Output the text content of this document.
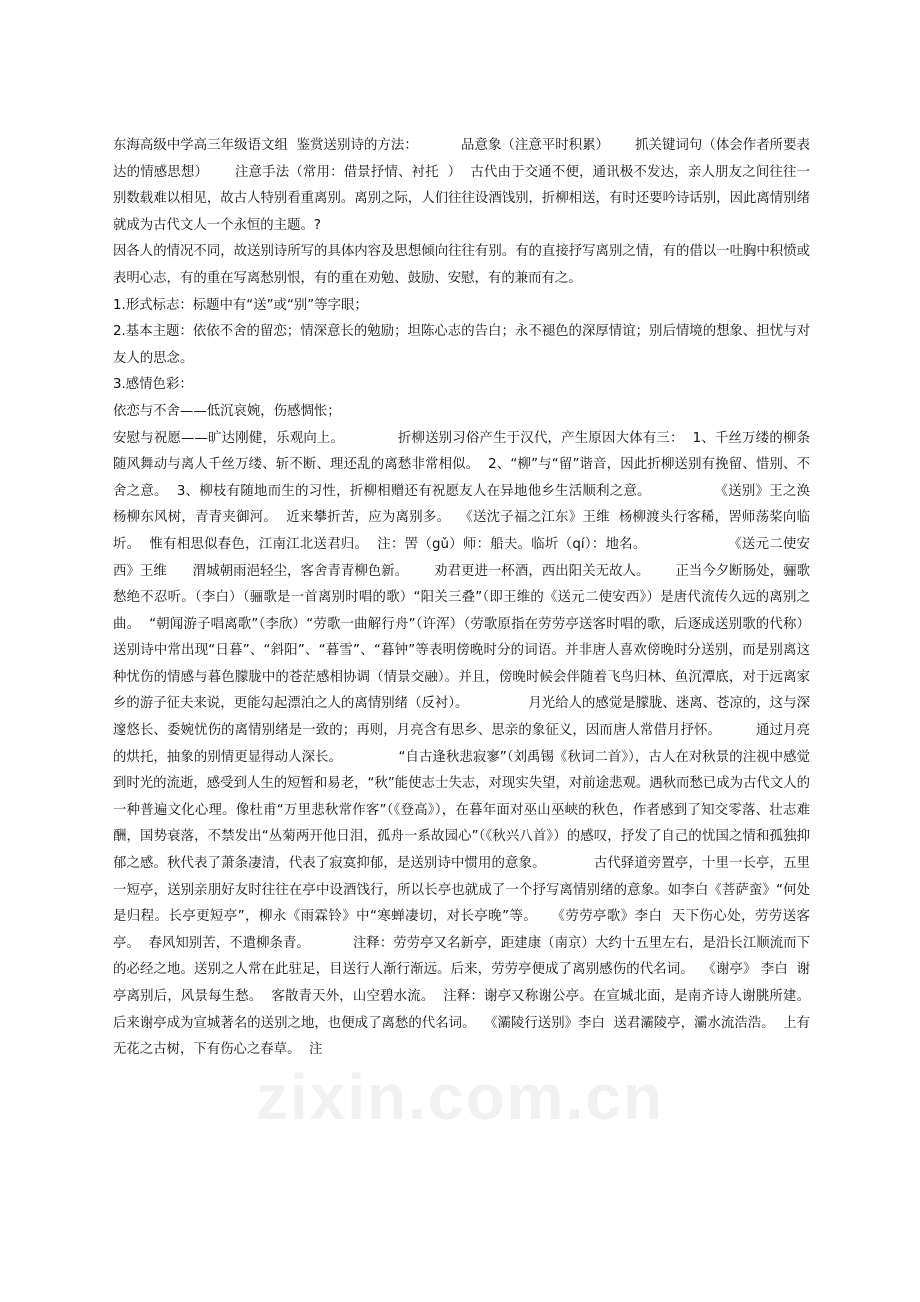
东海高级中学高三年级语文组  鉴赏送别诗的方法：          品意象（注意平时积累）      抓关键词句（体会作者所要表达的情感思想）      注意手法（常用：借景抒情、衬托  ）  古代由于交通不便，通讯极不发达，亲人朋友之间往往一别数载难以相见，故古人特别看重离别。离别之际，人们往往设酒饯别，折柳相送，有时还要吟诗话别，因此离情别绪就成为古代文人一个永恒的主题。?

因各人的情况不同，故送别诗所写的具体内容及思想倾向往往有别。有的直接抒写离别之情，有的借以一吐胸中积愤或表明心志，有的重在写离愁别恨，有的重在劝勉、鼓励、安慰，有的兼而有之。

1.形式标志：标题中有“送”或“别”等字眼；

2.基本主题：依依不舍的留恋；情深意长的勉励；坦陈心志的告白；永不褪色的深厚情谊；别后情境的想象、担忧与对友人的思念。

3.感情色彩：

依恋与不舍——低沉哀婉，伤感惆怅；

安慰与祝愿——旷达刚健，乐观向上。            折柳送别习俗产生于汉代，产生原因大体有三：  1、千丝万缕的柳条随风舞动与离人千丝万缕、斩不断、理还乱的离愁非常相似。  2、“柳”与“留”谐音，因此折柳送别有挽留、惜别、不舍之意。  3、柳枝有随地而生的习性，折柳相赠还有祝愿友人在异地他乡生活顺利之意。              《送别》王之涣  杨柳东风树，青青夹御河。  近来攀折苦，应为离别多。  《送沈子福之江东》王维  杨柳渡头行客稀，罟师荡桨向临圻。  惟有相思似春色，江南江北送君归。  注：罟（gǔ）师：船夫。临圻（qí）：地名。                  《送元二使安西》王维      渭城朝雨浥轻尘，客舍青青柳色新。      劝君更进一杯酒，西出阳关无故人。      正当今夕断肠处，骊歌愁绝不忍听。（李白）（骊歌是一首离别时唱的歌）“阳关三叠”（即王维的《送元二使安西》）是唐代流传久远的离别之曲。  “朝闻游子唱离歌”（李欣）“劳歌一曲解行舟”（许浑）（劳歌原指在劳劳亭送客时唱的歌，后逐成送别歌的代称）                 送别诗中常出现“日暮”、“斜阳”、“暮雪”、“暮钟”等表明傍晚时分的词语。并非唐人喜欢傍晚时分送别，而是别离这种忧伤的情感与暮色朦胧中的苍茫感相协调（情景交融）。并且，傍晚时候会伴随着飞鸟归林、鱼沉潭底，对于远离家乡的游子征夫来说，更能勾起漂泊之人的离情别绪（反衬）。              月光给人的感觉是朦胧、迷离、苍凉的，这与深邃悠长、委婉忧伤的离情别绪是一致的；再则，月亮含有思乡、思亲的象征义，因而唐人常借月抒怀。        通过月亮的烘托，抽象的别情更显得动人深长。             “自古逢秋悲寂寥”（刘禹锡《秋词二首》），古人在对秋景的注视中感觉到时光的流逝，感受到人生的短暂和易老，“秋”能使志士失志，对现实失望，对前途悲观。遇秋而愁已成为古代文人的一种普遍文化心理。像杜甫“万里悲秋常作客”（《登高》），在暮年面对巫山巫峡的秋色，作者感到了知交零落、壮志难酬，国势衰落，不禁发出“丛菊两开他日泪，孤舟一系故园心”（《秋兴八首》）的感叹，抒发了自己的忧国之情和孤独抑郁之感。秋代表了萧条凄清，代表了寂寞抑郁，是送别诗中惯用的意象。           古代驿道旁置亭，十里一长亭，五里一短亭，送别亲朋好友时往往在亭中设酒饯行，所以长亭也就成了一个抒写离情别绪的意象。如李白《菩萨蛮》“何处是归程。长亭更短亭”，柳永《雨霖铃》中“寒蝉凄切，对长亭晚”等。   《劳劳亭歌》李白  天下伤心处，劳劳送客亭。  春风知别苦，不遣柳条青。          注释：劳劳亭又名新亭，距建康（南京）大约十五里左右，是沿长江顺流而下的必经之地。送别之人常在此驻足，目送行人渐行渐远。后来，劳劳亭便成了离别感伤的代名词。  《谢亭》 李白  谢亭离别后，风景每生愁。  客散青天外，山空碧水流。  注释：谢亭又称谢公亭。在宣城北面，是南齐诗人谢朓所建。后来谢亭成为宣城著名的送别之地，也便成了离愁的代名词。  《灞陵行送别》李白  送君灞陵亭，灞水流浩浩。  上有无花之古树，下有伤心之春草。  注

zixin.com.cn
